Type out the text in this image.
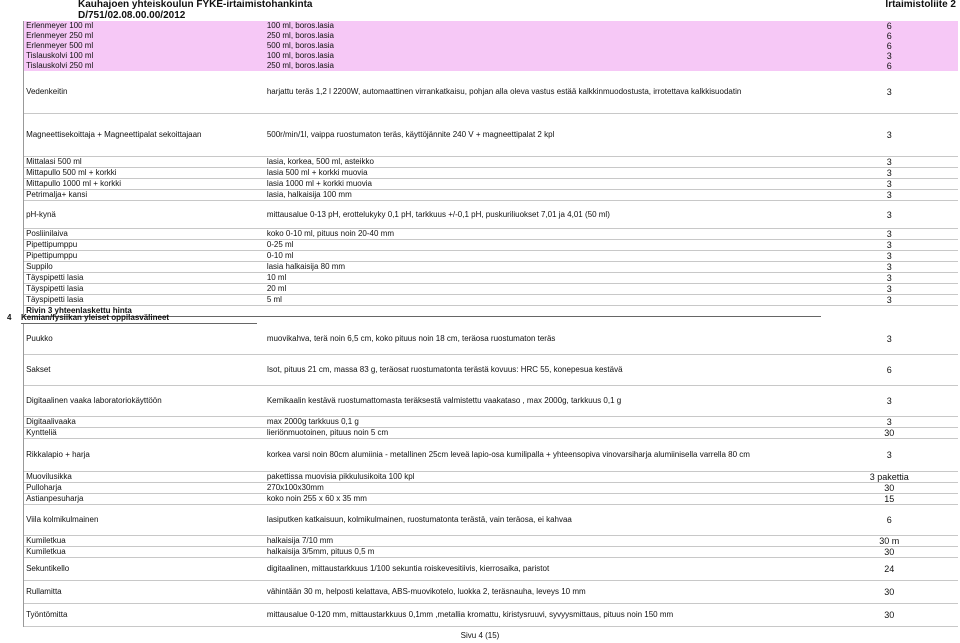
Kauhajoen yhteiskoulun FYKE-irtaimistohankinta
D/751/02.08.00.00/2012
Irtaimistoliite 2
	Erlenmeyer 100 ml	100 ml, boros.lasia	6
	Erlenmeyer 250 ml	250 ml, boros.lasia	6
	Erlenmeyer 500 ml	500 ml, boros.lasia	6
	Tislauskolvi 100 ml	100 ml, boros.lasia	3
	Tislauskolvi 250 ml	250 ml, boros.lasia	6
	Vedenkeitin	harjattu teräs 1,2 l 2200W, automaattinen virrankatkaisu, pohjan alla oleva vastus estää kalkkinmuodostusta, irrotettava kalkkisuodatin	3
	Magneettisekoittaja + Magneettipalat sekoittajaan	500r/min/1l, vaippa ruostumaton teräs, käyttöjännite 240 V + magneettipalat 2 kpl	3
	Mittalasi 500 ml	lasia, korkea, 500 ml, asteikko	3
	Mittapullo 500 ml + korkki	lasia 500 ml + korkki muovia	3
	Mittapullo 1000 ml + korkki	lasia 1000 ml + korkki muovia	3
	Petrimalja+ kansi	lasia, halkaisija 100 mm	3
	pH-kynä	mittausalue 0-13 pH, erottelukyky 0,1 pH, tarkkuus +/-0,1 pH, puskuriliuokset 7,01 ja 4,01 (50 ml)	3
	Posliinilaiva	koko 0-10 ml, pituus noin 20-40 mm	3
	Pipettipumppu	0-25 ml	3
	Pipettipumppu	0-10 ml	3
	Suppilo	lasia halkaisija 80 mm	3
	Täyspipetti lasia	10 ml	3
	Täyspipetti lasia	20 ml	3
	Täyspipetti lasia	5 ml	3
	Rivin 3 yhteenlaskettu hinta		
4 Kemian/fysiikan yleiset oppilasvälineet
	Puukko	muovikahva, terä noin 6,5 cm, koko pituus noin 18 cm, teräosa ruostumaton teräs	3
	Sakset	Isot, pituus 21 cm, massa 83 g, teräosat ruostumatonta terästä kovuus: HRC 55, konepesua kestävä	6
	Digitaalinen vaaka laboratoriokäyttöön	Kemikaalin kestävä ruostumattomasta teräksestä valmistettu vaakataso , max 2000g, tarkkuus 0,1 g	3
	Digitaalivaaka	max 2000g tarkkuus 0,1 g	3
	Kyntteliä	lieriönmuotoinen, pituus noin 5 cm	30
	Rikkalapio + harja	korkea varsi noin 80cm alumiinia - metallinen 25cm leveä lapio-osa kumilipalla + yhteensopiva vinovarsiharja alumiinisella varrella 80 cm	3
	Muovilusikka	pakettissa muovisia pikkulusikoita 100 kpl	3 pakettia
	Pulloharja	270x100x30mm	30
	Astianpesuharja	koko noin 255 x 60 x 35 mm	15
	Viila kolmikulmainen	lasiputken katkaisuun, kolmikulmainen, ruostumatonta terästä, vain teräosa, ei kahvaa	6
	Kumiletkua	halkaisija 7/10 mm	30 m
	Kumiletkua	halkaisija 3/5mm, pituus 0,5 m	30
	Sekuntikello	digitaalinen, mittaustarkkuus 1/100 sekuntia roiskevesitiivis, kierrosaika, paristot	24
	Rullamitta	vähintään 30 m, helposti kelattava, ABS-muovikotelo, luokka 2, teräsnauha, leveys 10 mm	30
	Työntömitta	mittausalue 0-120 mm, mittaustarkkuus 0,1mm ,metallia kromattu, kiristysruuvi, syvyysmittaus, pituus noin 150 mm	30
Sivu 4 (15)
